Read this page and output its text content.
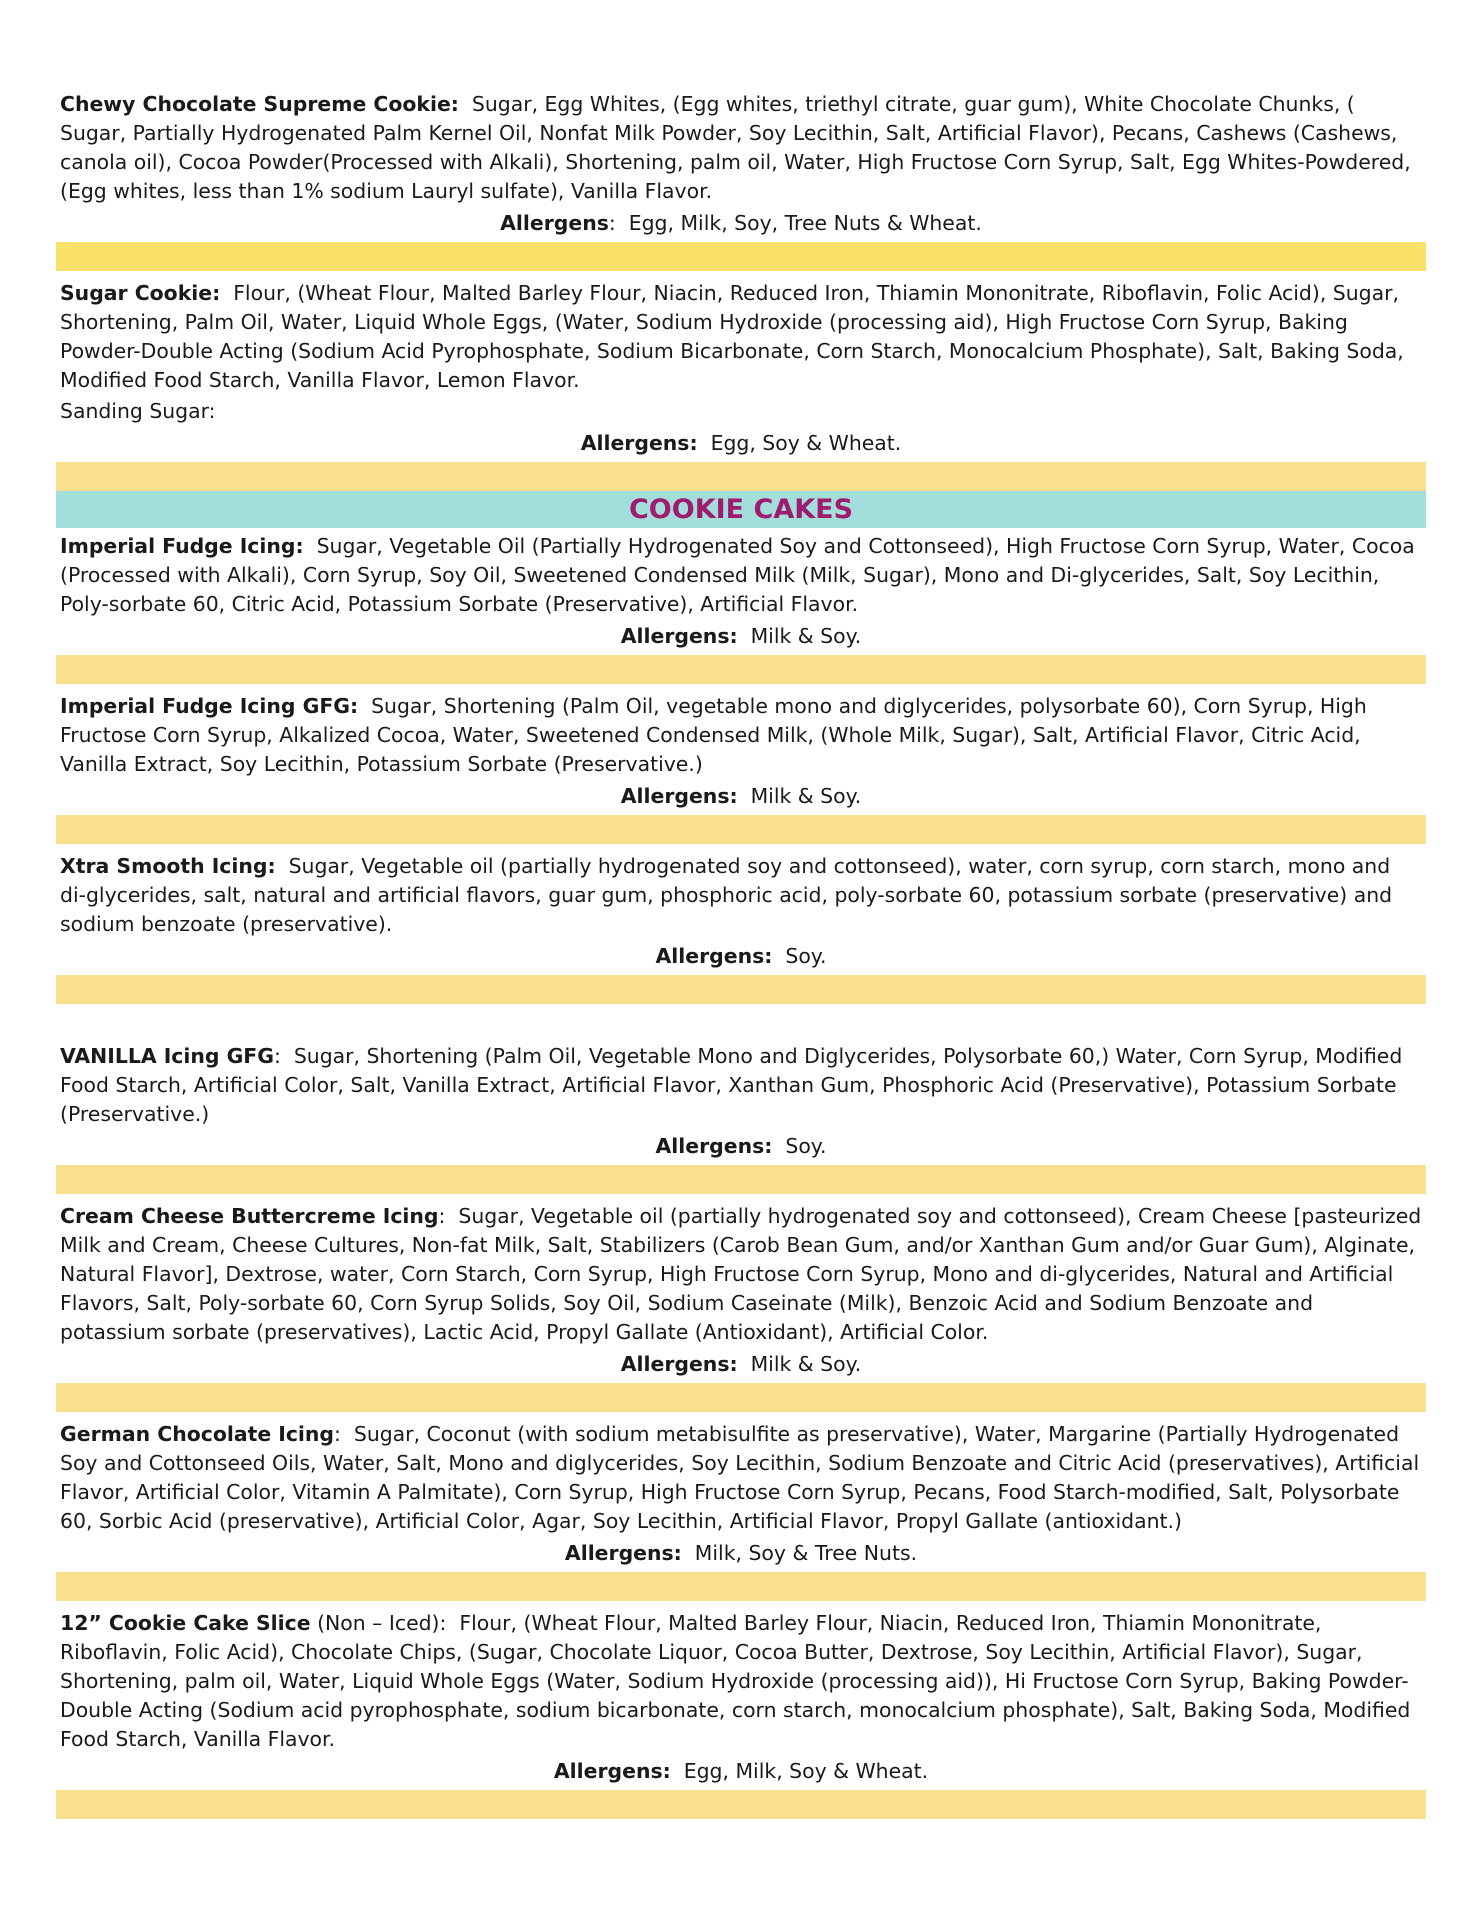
Chewy Chocolate Supreme Cookie: Sugar, Egg Whites, (Egg whites, triethyl citrate, guar gum), White Chocolate Chunks, ( Sugar, Partially Hydrogenated Palm Kernel Oil, Nonfat Milk Powder, Soy Lecithin, Salt, Artificial Flavor), Pecans, Cashews (Cashews, canola oil), Cocoa Powder(Processed with Alkali), Shortening, palm oil, Water, High Fructose Corn Syrup, Salt, Egg Whites-Powdered, (Egg whites, less than 1% sodium Lauryl sulfate), Vanilla Flavor.
Allergens:  Egg, Milk, Soy, Tree Nuts & Wheat.
Sugar Cookie: Flour, (Wheat Flour, Malted Barley Flour, Niacin, Reduced Iron, Thiamin Mononitrate, Riboflavin, Folic Acid), Sugar, Shortening, Palm Oil, Water, Liquid Whole Eggs, (Water, Sodium Hydroxide (processing aid), High Fructose Corn Syrup, Baking Powder-Double Acting (Sodium Acid Pyrophosphate, Sodium Bicarbonate, Corn Starch, Monocalcium Phosphate), Salt, Baking Soda, Modified Food Starch, Vanilla Flavor, Lemon Flavor.
Sanding Sugar:
Allergens:  Egg, Soy & Wheat.
COOKIE CAKES
Imperial Fudge Icing: Sugar, Vegetable Oil (Partially Hydrogenated Soy and Cottonseed), High Fructose Corn Syrup, Water, Cocoa (Processed with Alkali), Corn Syrup, Soy Oil, Sweetened Condensed Milk (Milk, Sugar), Mono and Di-glycerides, Salt, Soy Lecithin, Poly-sorbate 60, Citric Acid, Potassium Sorbate (Preservative), Artificial Flavor.
Allergens:  Milk & Soy.
Imperial Fudge Icing GFG: Sugar, Shortening (Palm Oil, vegetable mono and diglycerides, polysorbate 60), Corn Syrup, High Fructose Corn Syrup, Alkalized Cocoa, Water, Sweetened Condensed Milk, (Whole Milk, Sugar), Salt, Artificial Flavor, Citric Acid, Vanilla Extract, Soy Lecithin, Potassium Sorbate (Preservative.)
Allergens:  Milk & Soy.
Xtra Smooth Icing: Sugar, Vegetable oil (partially hydrogenated soy and cottonseed), water, corn syrup, corn starch, mono and di-glycerides, salt, natural and artificial flavors, guar gum, phosphoric acid, poly-sorbate 60, potassium sorbate (preservative) and sodium benzoate (preservative).
Allergens:  Soy.
VANILLA Icing GFG:  Sugar, Shortening (Palm Oil, Vegetable Mono and Diglycerides, Polysorbate 60,) Water, Corn Syrup, Modified Food Starch, Artificial Color, Salt, Vanilla Extract, Artificial Flavor, Xanthan Gum, Phosphoric Acid (Preservative), Potassium Sorbate (Preservative.)
Allergens:  Soy.
Cream Cheese Buttercreme Icing:  Sugar, Vegetable oil (partially hydrogenated soy and cottonseed), Cream Cheese [pasteurized Milk and Cream, Cheese Cultures, Non-fat Milk, Salt, Stabilizers (Carob Bean Gum, and/or Xanthan Gum and/or Guar Gum), Alginate, Natural Flavor], Dextrose, water, Corn Starch, Corn Syrup, High Fructose Corn Syrup, Mono and di-glycerides, Natural and Artificial Flavors, Salt, Poly-sorbate 60, Corn Syrup Solids, Soy Oil, Sodium Caseinate (Milk), Benzoic Acid and Sodium Benzoate and potassium sorbate (preservatives), Lactic Acid, Propyl Gallate (Antioxidant), Artificial Color.
Allergens:  Milk & Soy.
German Chocolate Icing:  Sugar, Coconut (with sodium metabisulfite as preservative), Water, Margarine (Partially Hydrogenated Soy and Cottonseed Oils, Water, Salt, Mono and diglycerides, Soy Lecithin, Sodium Benzoate and Citric Acid (preservatives), Artificial Flavor, Artificial Color, Vitamin A Palmitate), Corn Syrup, High Fructose Corn Syrup, Pecans, Food Starch-modified, Salt, Polysorbate 60, Sorbic Acid (preservative), Artificial Color, Agar, Soy Lecithin, Artificial Flavor, Propyl Gallate (antioxidant.)
Allergens:  Milk, Soy & Tree Nuts.
12” Cookie Cake Slice (Non – Iced):  Flour, (Wheat Flour, Malted Barley Flour, Niacin, Reduced Iron, Thiamin Mononitrate, Riboflavin, Folic Acid), Chocolate Chips, (Sugar, Chocolate Liquor, Cocoa Butter, Dextrose, Soy Lecithin, Artificial Flavor), Sugar, Shortening, palm oil, Water, Liquid Whole Eggs (Water, Sodium Hydroxide (processing aid)), Hi Fructose Corn Syrup, Baking Powder-Double Acting (Sodium acid pyrophosphate, sodium bicarbonate, corn starch, monocalcium phosphate), Salt, Baking Soda, Modified Food Starch, Vanilla Flavor.
Allergens:  Egg, Milk, Soy & Wheat.
